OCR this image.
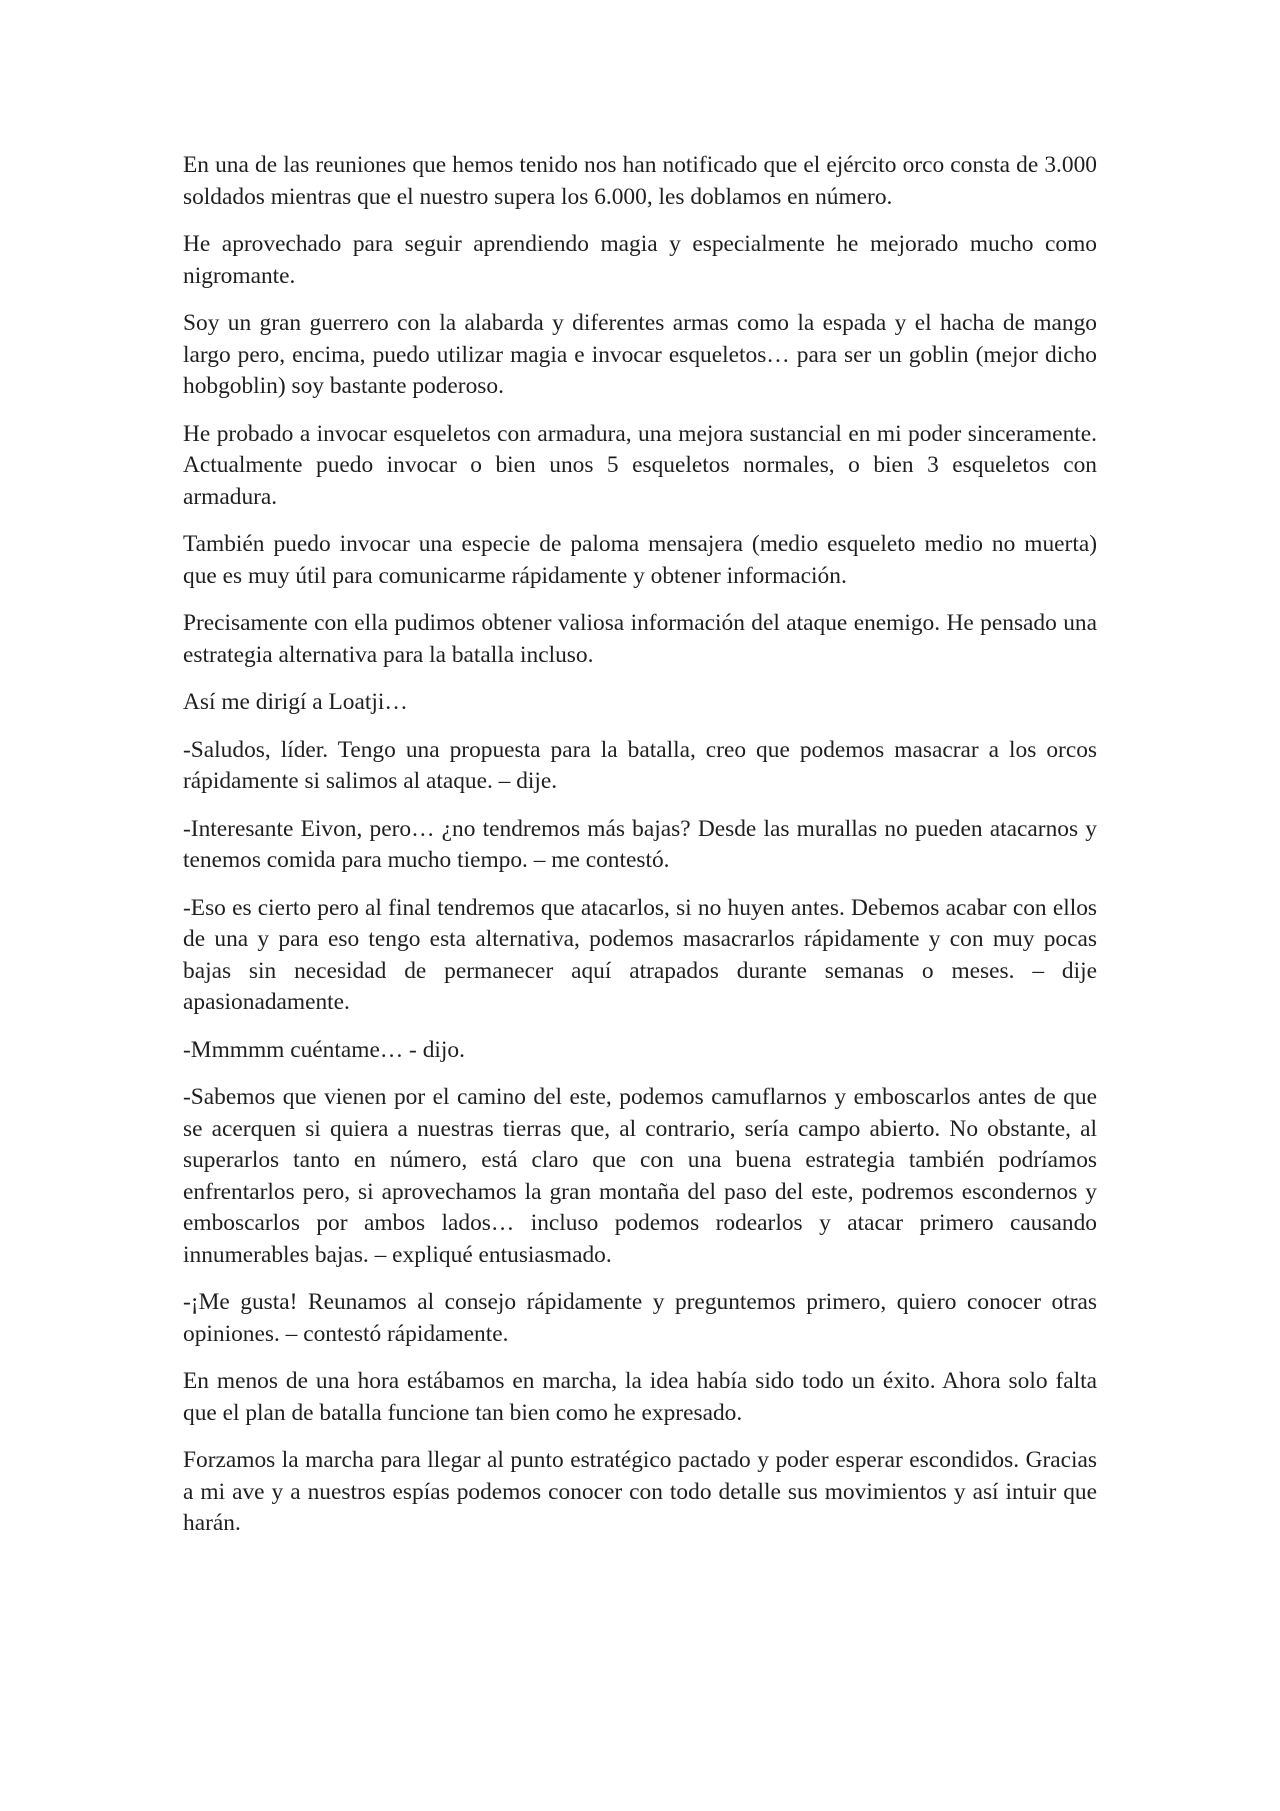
En una de las reuniones que hemos tenido nos han notificado que el ejército orco consta de 3.000 soldados mientras que el nuestro supera los 6.000, les doblamos en número.

He aprovechado para seguir aprendiendo magia y especialmente he mejorado mucho como nigromante.

Soy un gran guerrero con la alabarda y diferentes armas como la espada y el hacha de mango largo pero, encima, puedo utilizar magia e invocar esqueletos… para ser un goblin (mejor dicho hobgoblin) soy bastante poderoso.

He probado a invocar esqueletos con armadura, una mejora sustancial en mi poder sinceramente. Actualmente puedo invocar o bien unos 5 esqueletos normales, o bien 3 esqueletos con armadura.

También puedo invocar una especie de paloma mensajera (medio esqueleto medio no muerta) que es muy útil para comunicarme rápidamente y obtener información.

Precisamente con ella pudimos obtener valiosa información del ataque enemigo. He pensado una estrategia alternativa para la batalla incluso.

Así me dirigí a Loatji…

-Saludos, líder. Tengo una propuesta para la batalla, creo que podemos masacrar a los orcos rápidamente si salimos al ataque. – dije.

-Interesante Eivon, pero… ¿no tendremos más bajas? Desde las murallas no pueden atacarnos y tenemos comida para mucho tiempo. – me contestó.

-Eso es cierto pero al final tendremos que atacarlos, si no huyen antes. Debemos acabar con ellos de una y para eso tengo esta alternativa, podemos masacrarlos rápidamente y con muy pocas bajas sin necesidad de permanecer aquí atrapados durante semanas o meses. – dije apasionadamente.

-Mmmmm cuéntame… - dijo.

-Sabemos que vienen por el camino del este, podemos camuflarnos y emboscarlos antes de que se acerquen si quiera a nuestras tierras que, al contrario, sería campo abierto. No obstante, al superarlos tanto en número, está claro que con una buena estrategia también podríamos enfrentarlos pero, si aprovechamos la gran montaña del paso del este, podremos escondernos y emboscarlos por ambos lados… incluso podemos rodearlos y atacar primero causando innumerables bajas. – expliqué entusiasmado.

-¡Me gusta! Reunamos al consejo rápidamente y preguntemos primero, quiero conocer otras opiniones. – contestó rápidamente.

En menos de una hora estábamos en marcha, la idea había sido todo un éxito. Ahora solo falta que el plan de batalla funcione tan bien como he expresado.

Forzamos la marcha para llegar al punto estratégico pactado y poder esperar escondidos. Gracias a mi ave y a nuestros espías podemos conocer con todo detalle sus movimientos y así intuir que harán.
